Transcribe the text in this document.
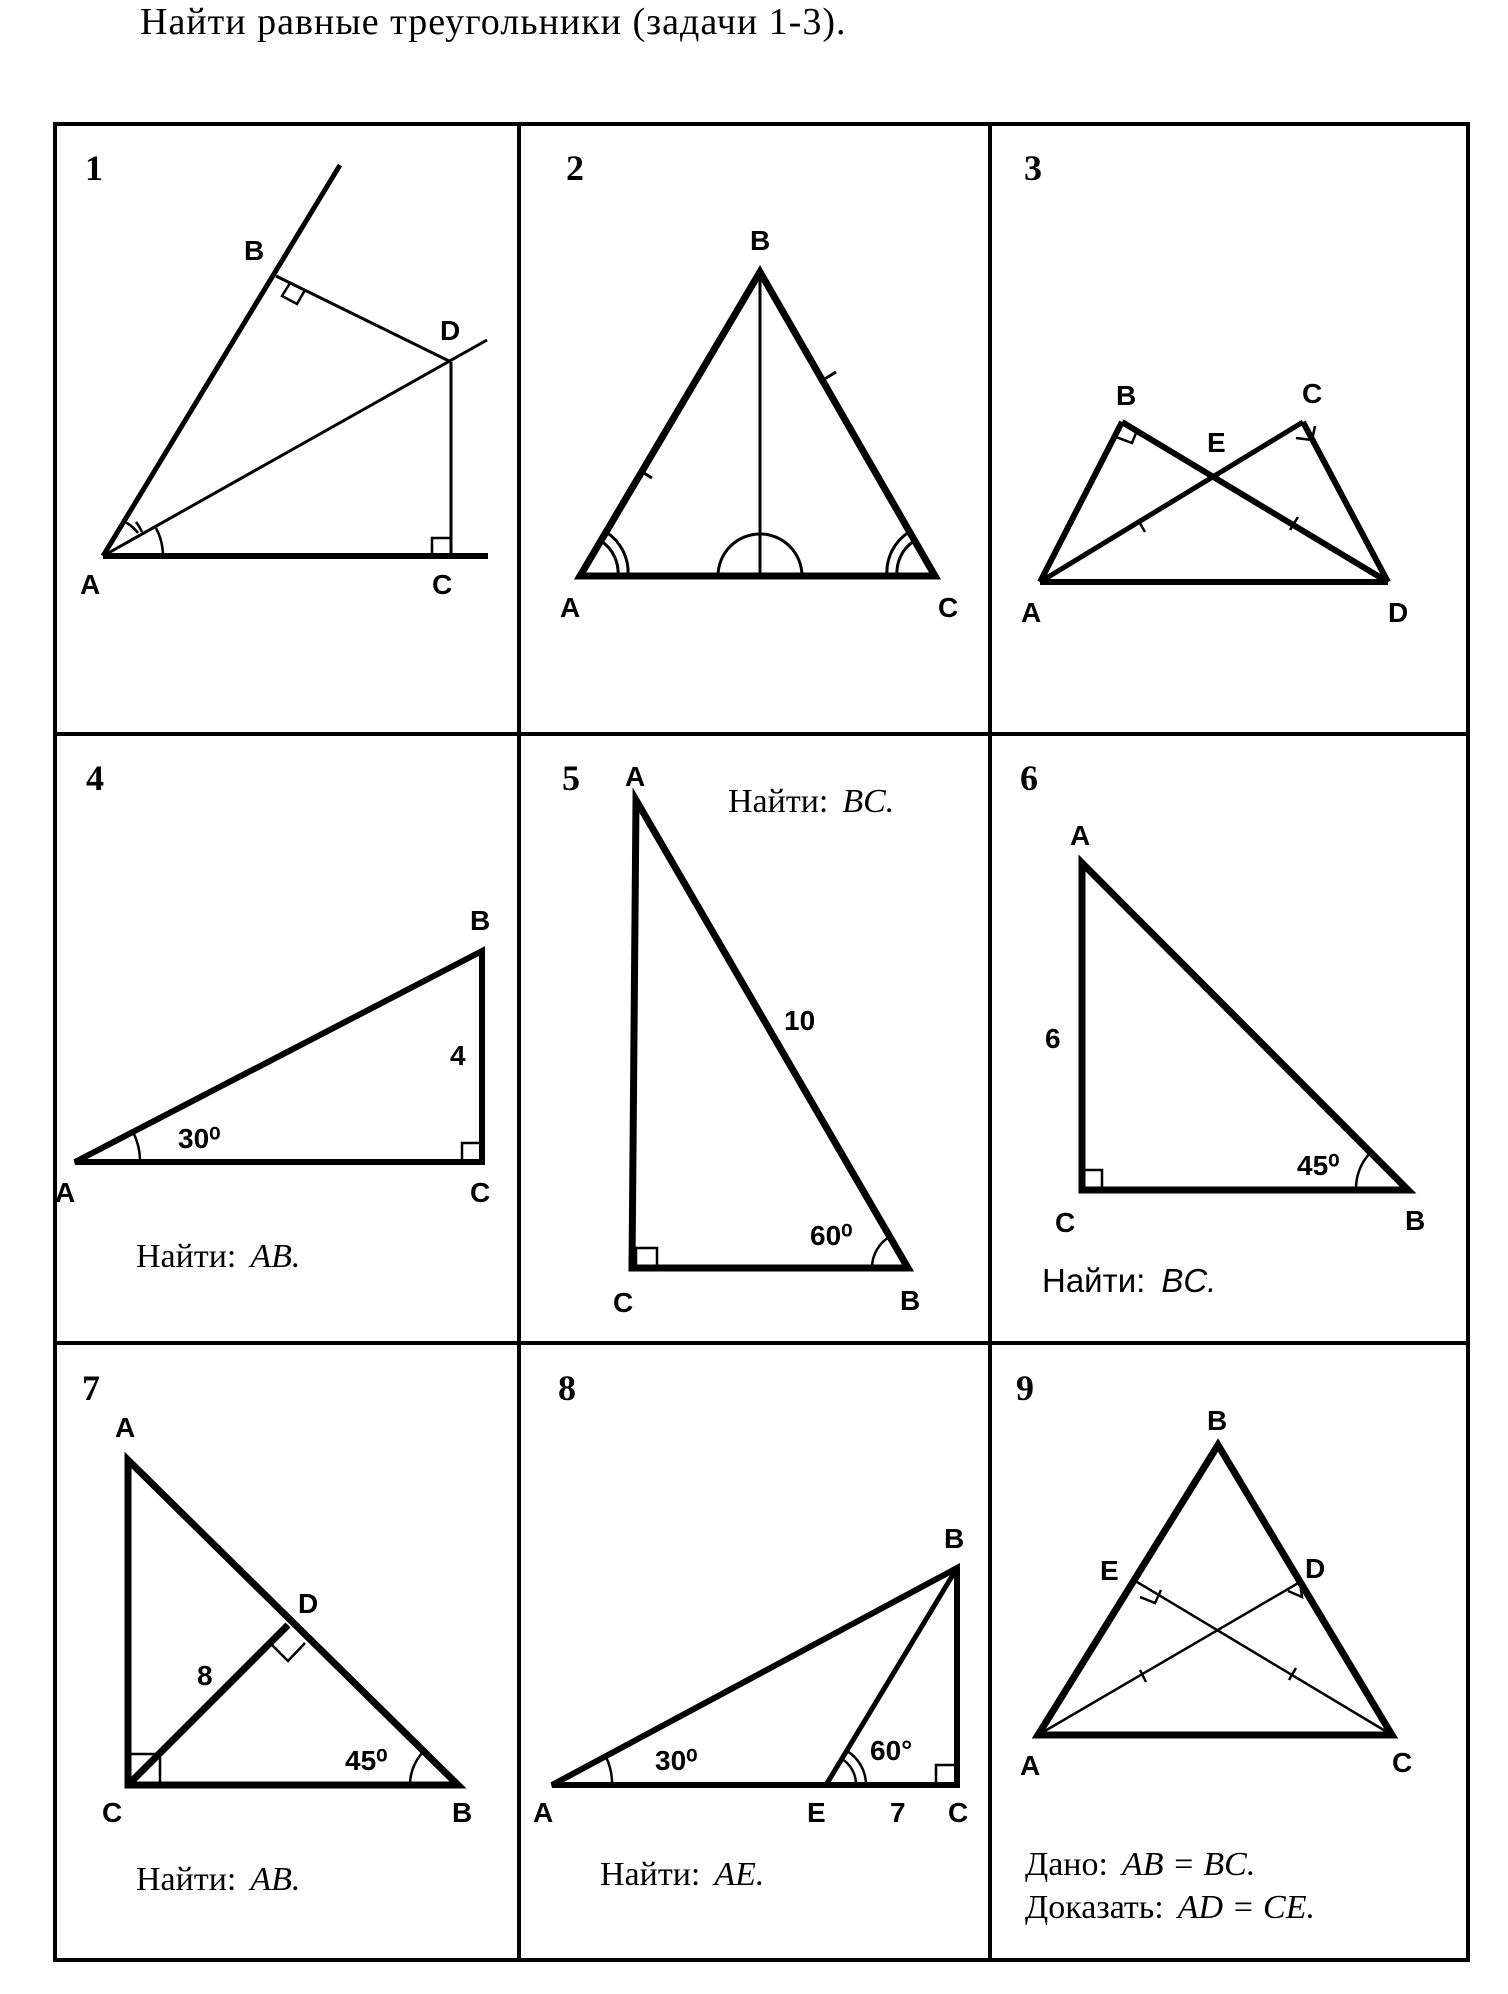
Найти равные треугольники (задачи 1-3).
1
B
D
A	C
2
B
A	C
3
B	C
E
A	D
4
B
A	C
4
30⁰
Найти: AB.
5 A
C	B
10
60⁰
Найти: BC.
6
A
C	B
6
45⁰
Найти: BC.
7
A
D
C	B
8
45⁰
Найти: AB.
8
B
A	E	C
7
30⁰	60°
Найти: AE.
9
B
E	D
A	C
Дано: AB = BC.
Доказать: AD = CE.
